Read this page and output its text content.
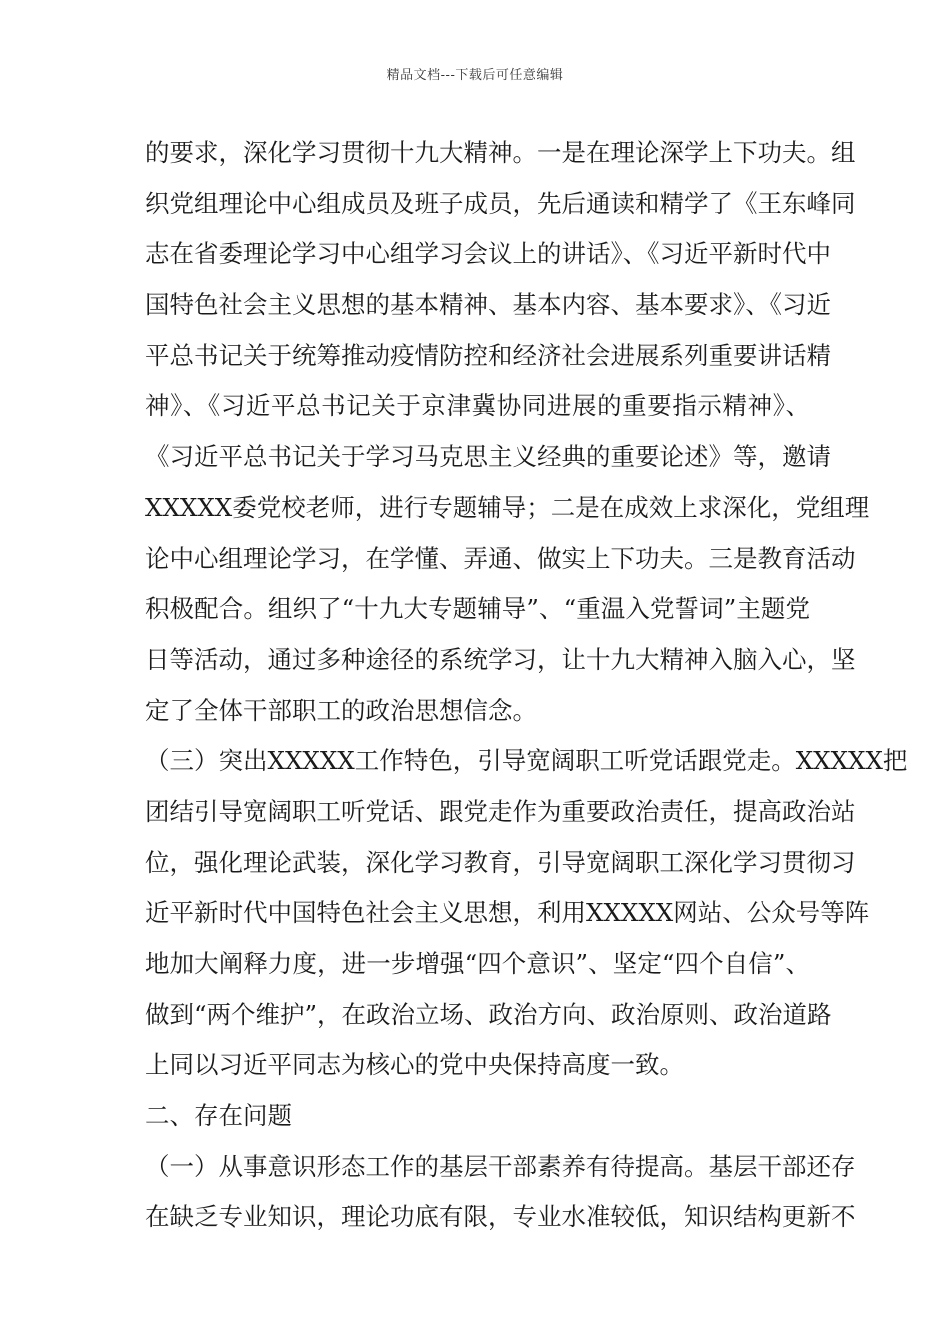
精品文档---下载后可任意编辑
的要求，深化学习贯彻十九大精神。一是在理论深学上下功夫。组
织党组理论中心组成员及班子成员，先后通读和精学了《王东峰同
志在省委理论学习中心组学习会议上的讲话》、《习近平新时代中
国特色社会主义思想的基本精神、基本内容、基本要求》、《习近
平总书记关于统筹推动疫情防控和经济社会进展系列重要讲话精
神》、《习近平总书记关于京津冀协同进展的重要指示精神》、
《习近平总书记关于学习马克思主义经典的重要论述》等，邀请
XXXXX委党校老师，进行专题辅导；二是在成效上求深化，党组理
论中心组理论学习，在学懂、弄通、做实上下功夫。三是教育活动
积极配合。组织了“十九大专题辅导”、“重温入党誓词”主题党
日等活动，通过多种途径的系统学习，让十九大精神入脑入心，坚
定了全体干部职工的政治思想信念。
（三）突出XXXXX工作特色，引导宽阔职工听党话跟党走。XXXXX把
团结引导宽阔职工听党话、跟党走作为重要政治责任，提高政治站
位，强化理论武装，深化学习教育，引导宽阔职工深化学习贯彻习
近平新时代中国特色社会主义思想，利用XXXXX网站、公众号等阵
地加大阐释力度，进一步增强“四个意识”、坚定“四个自信”、
做到“两个维护”，在政治立场、政治方向、政治原则、政治道路
上同以习近平同志为核心的党中央保持高度一致。
二、存在问题
（一）从事意识形态工作的基层干部素养有待提高。基层干部还存
在缺乏专业知识，理论功底有限，专业水准较低，知识结构更新不
